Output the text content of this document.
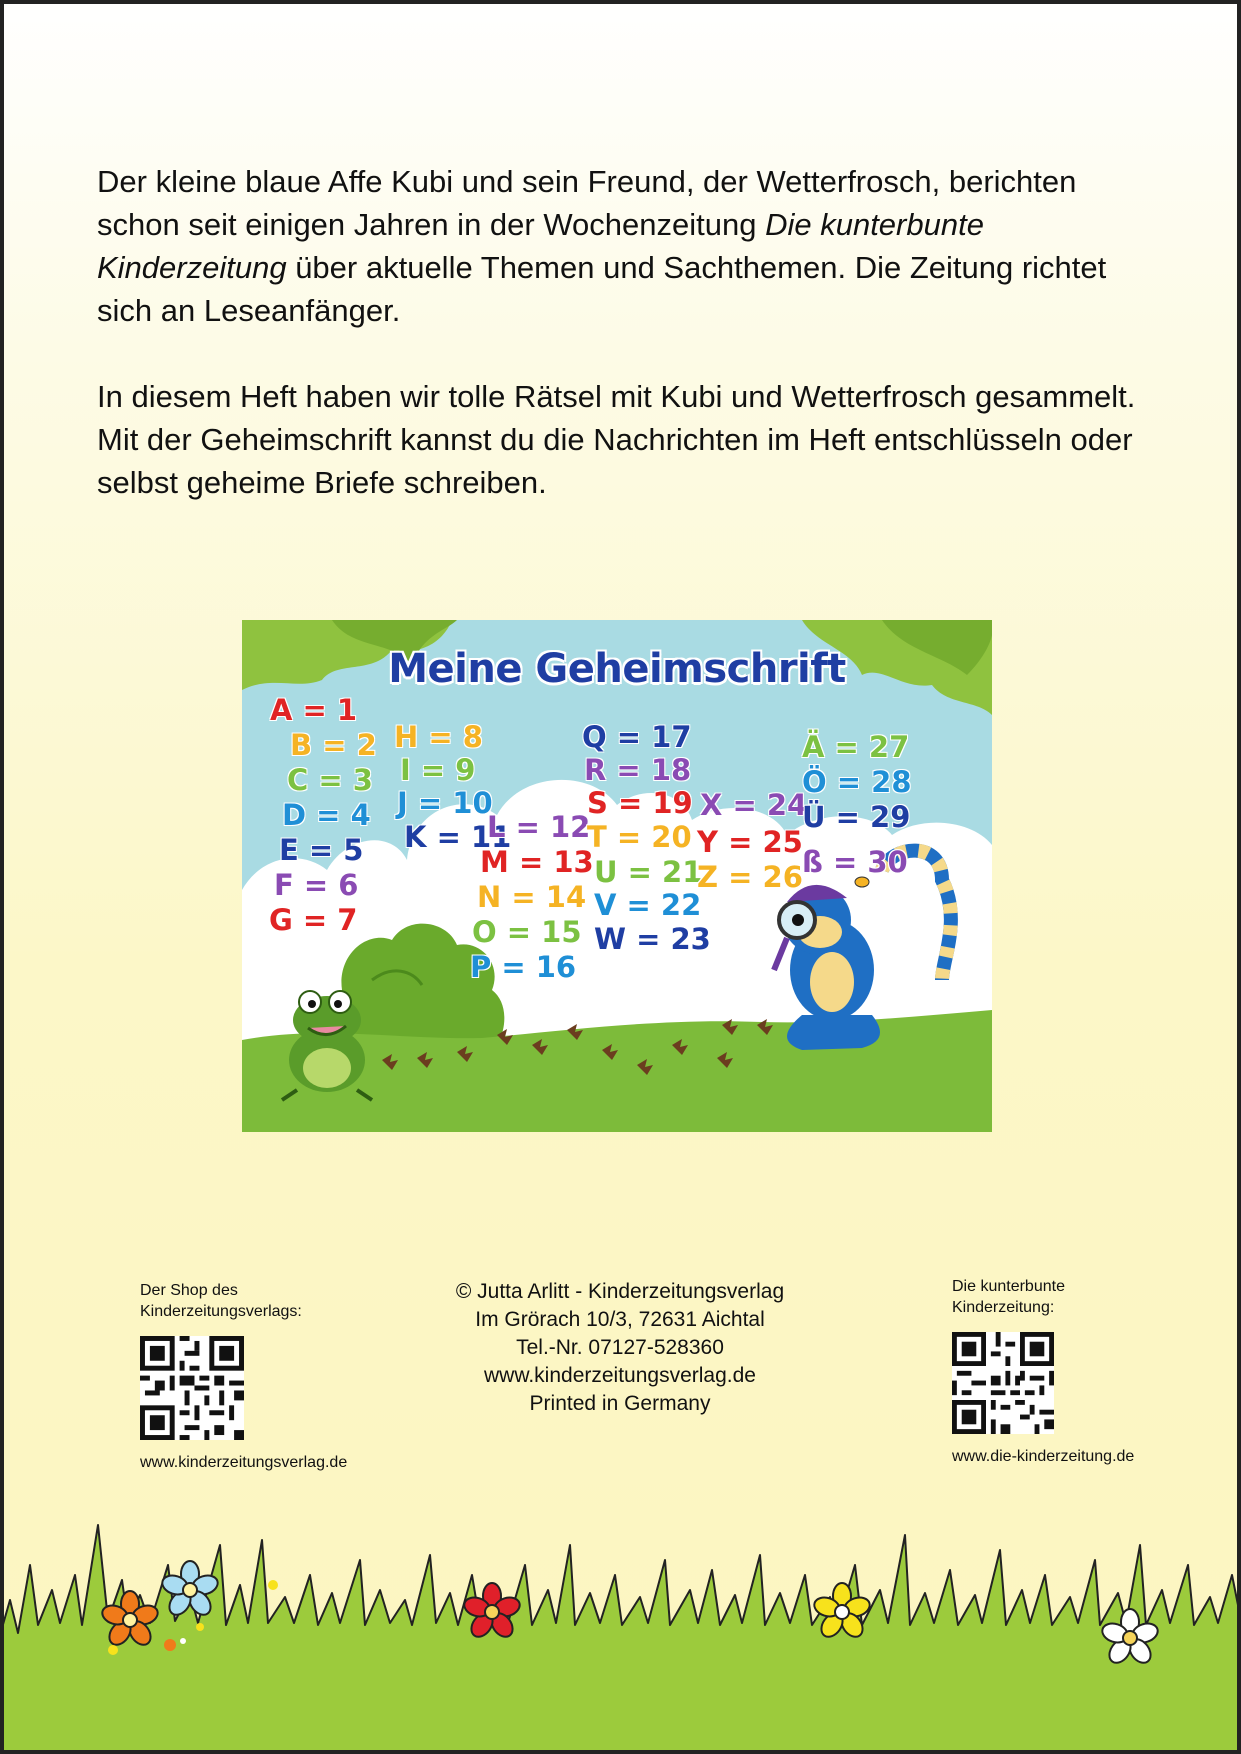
Der kleine blaue Affe Kubi und sein Freund, der Wetterfrosch, berichten schon seit einigen Jahren in der Wochenzeitung Die kunterbunte Kinderzeitung über aktuelle Themen und Sachthemen. Die Zeitung richtet sich an Leseanfänger.

In diesem Heft haben wir tolle Rätsel mit Kubi und Wetterfrosch gesammelt. Mit der Geheimschrift kannst du die Nachrichten im Heft entschlüsseln oder selbst geheime Briefe schreiben.

Meine Geheimschrift
A = 1
B = 2
C = 3
D = 4
E = 5
F = 6
G = 7
H = 8
I = 9
J = 10
K = 11
L = 12
M = 13
N = 14
O = 15
P = 16
Q = 17
R = 18
S = 19
T = 20
U = 21
V = 22
W = 23
X = 24
Y = 25
Z = 26
Ä = 27
Ö = 28
Ü = 29
ß = 30
Der Shop des Kinderzeitungsverlags:
www.kinderzeitungsverlag.de
© Jutta Arlitt - Kinderzeitungsverlag
Im Grörach 10/3, 72631 Aichtal
Tel.-Nr. 07127-528360
www.kinderzeitungsverlag.de
Printed in Germany
Die kunterbunte Kinderzeitung:
www.die-kinderzeitung.de
